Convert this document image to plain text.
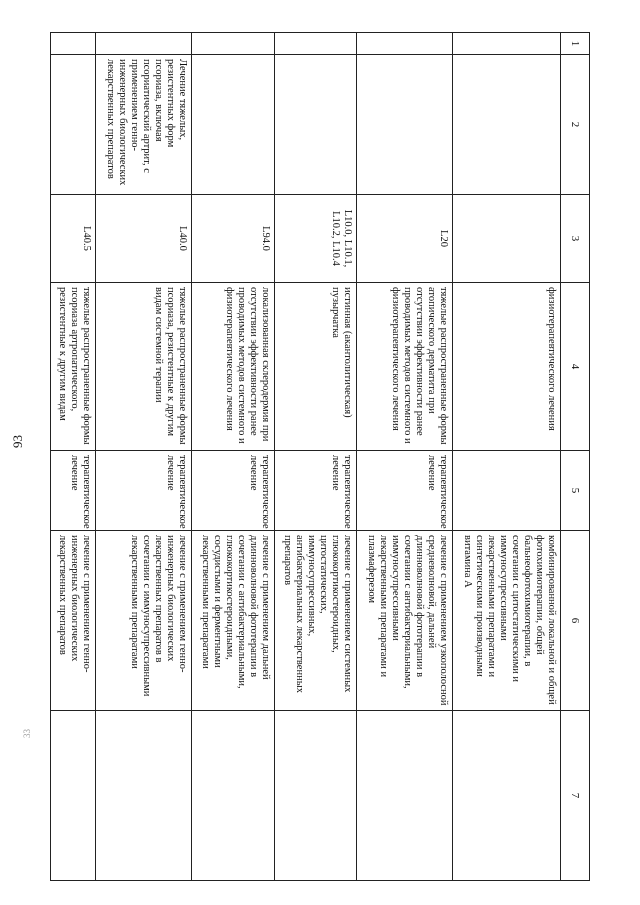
93
33
1	2	3	4	5	6	7
			физиотерапевтического лечения		комбинированной локальной и общей фотохимиотерапии, общей бальнеофотохимиотерапии, в сочетании с цитостатическими и иммуносупрессивными лекарственными препаратами и синтетическими производными витамина А	
		L20	тяжелые распространенные формы атопического дерматита при отсутствии эффективности ранее проводимых методов системного и физиотерапевтического лечения	терапевтическое лечение	лечение с применением узкополосной средневолновой, дальней длинноволновой фототерапии в сочетании с антибактериальными, иммуносупрессивными лекарственными препаратами и плазмаферезом	
		L10.0, L10.1, L10.2, L10.4	истинная (акантолитическая) пузырчатка	терапевтическое лечение	лечение с применением системных глюкокортикостероидных, цитостатических, иммуносупрессивных, антибактериальных лекарственных препаратов	
		L94.0	локализованная склеродермия при отсутствии эффективности ранее проводимых методов системного и физиотерапевтического лечения	терапевтическое лечение	лечение с применением дальней длинноволновой фототерапии в сочетании с антибактериальными, глюкокортикостероидными, сосудистыми и ферментными лекарственными препаратами	
	Лечение тяжелых, резистентных форм псориаза, включая псориатический артрит, с применением генно-инженерных биологических лекарственных препаратов	L40.0	тяжелые распространенные формы псориаза, резистентные к другим видам системной терапии	терапевтическое лечение	лечение с применением генно-инженерных биологических лекарственных препаратов в сочетании с иммуносупрессивными лекарственными препаратами	
		L40.5	тяжелые распространенные формы псориаза артропатического, резистентные к другим видам	терапевтическое лечение	лечение с применением генно-инженерных биологических лекарственных препаратов	
